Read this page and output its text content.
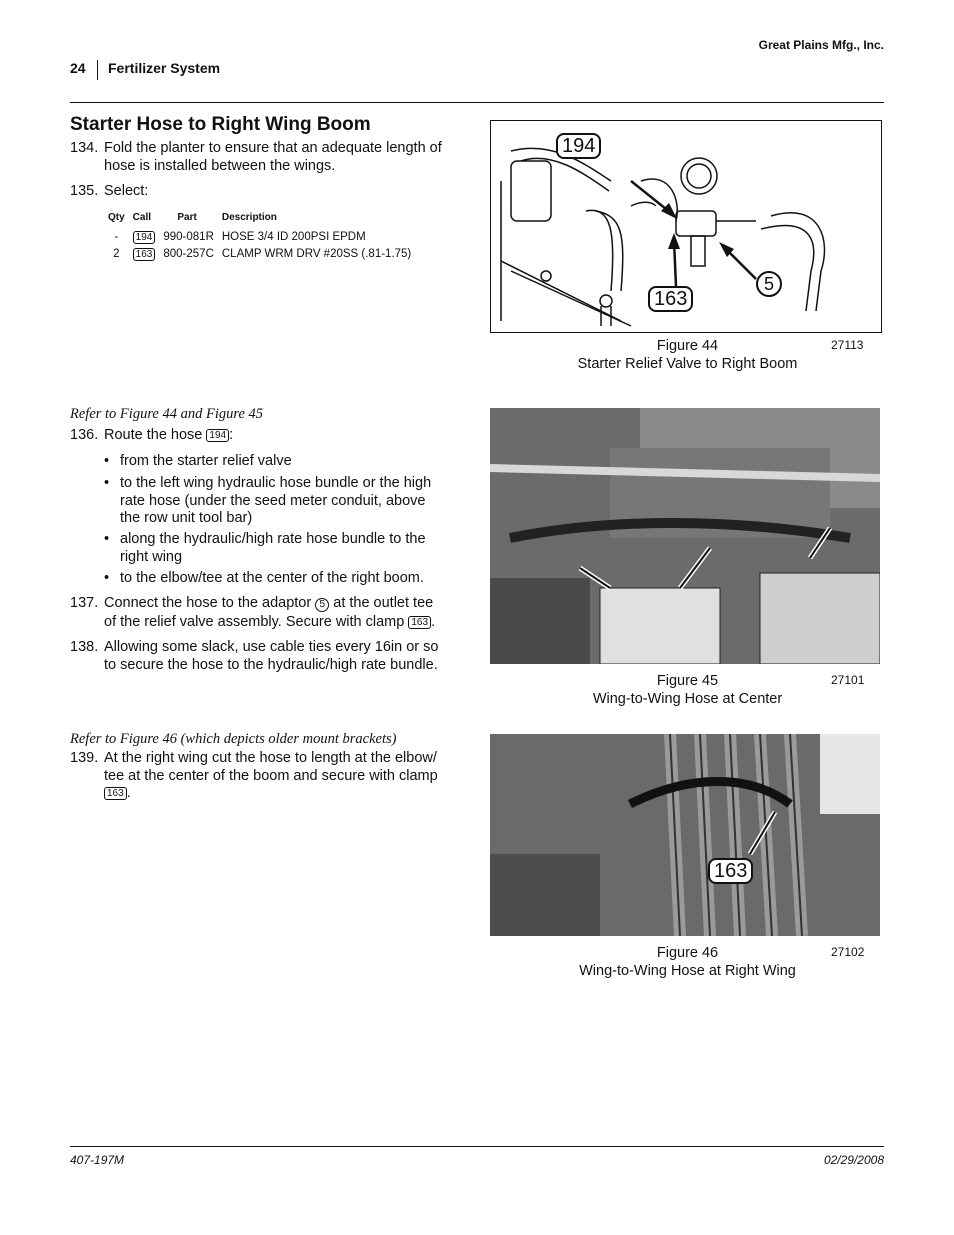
Great Plains Mfg., Inc.
24 Fertilizer System
Starter Hose to Right Wing Boom
134. Fold the planter to ensure that an adequate length of
hose is installed between the wings.
135. Select:
Qty	Call	Part	Description
-	194	990-081R	HOSE 3/4 ID 200PSI EPDM
2	163	800-257C	CLAMP WRM DRV #20SS (.81-1.75)
Refer to Figure 44 and Figure 45
136. Route the hose 194 :
• from the starter relief valve
• to the left wing hydraulic hose bundle or the high
rate hose (under the seed meter conduit, above
the row unit tool bar)
• along the hydraulic/high rate hose bundle to the
right wing
• to the elbow/tee at the center of the right boom.
137. Connect the hose to the adaptor 5 at the outlet tee
of the relief valve assembly. Secure with clamp 163 .
138. Allowing some slack, use cable ties every 16in or so
to secure the hose to the hydraulic/high rate bundle.
Refer to Figure 46 (which depicts older mount brackets)
139. At the right wing cut the hose to length at the elbow/
tee at the center of the boom and secure with clamp
163 .
194
163
5
Figure 44
Starter Relief Valve to Right Boom
27113
Figure 45
Wing-to-Wing Hose at Center
27101
163
Figure 46
Wing-to-Wing Hose at Right Wing
27102
407-197M	02/29/2008
